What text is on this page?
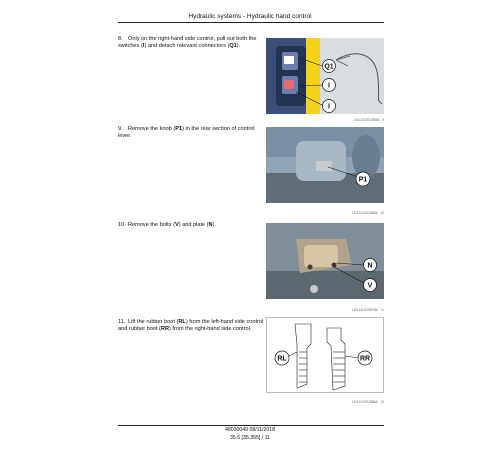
Hydraulic systems - Hydraulic hand control
8. Only on the right-hand side control, pull out both the switches (I) and detach relevant connectors (Q1).
Q1
I
I
LEIL14CE0285BA 9
9. Remove the knob (P1) in the rear section of control lever.
P1
LEIL14CE0286BA 10
10. Remove the bolts (V) and plate (N).
N
V
LEIL14CE0287BA 11
11. Lift the rubber boot (RL) from the left-hand side control and rubber boot (RR) from the right-hand side control.
RL	RR
LEIL14CE0288BA 12
48030049 08/11/2018
35.6 [35.355] / 11
